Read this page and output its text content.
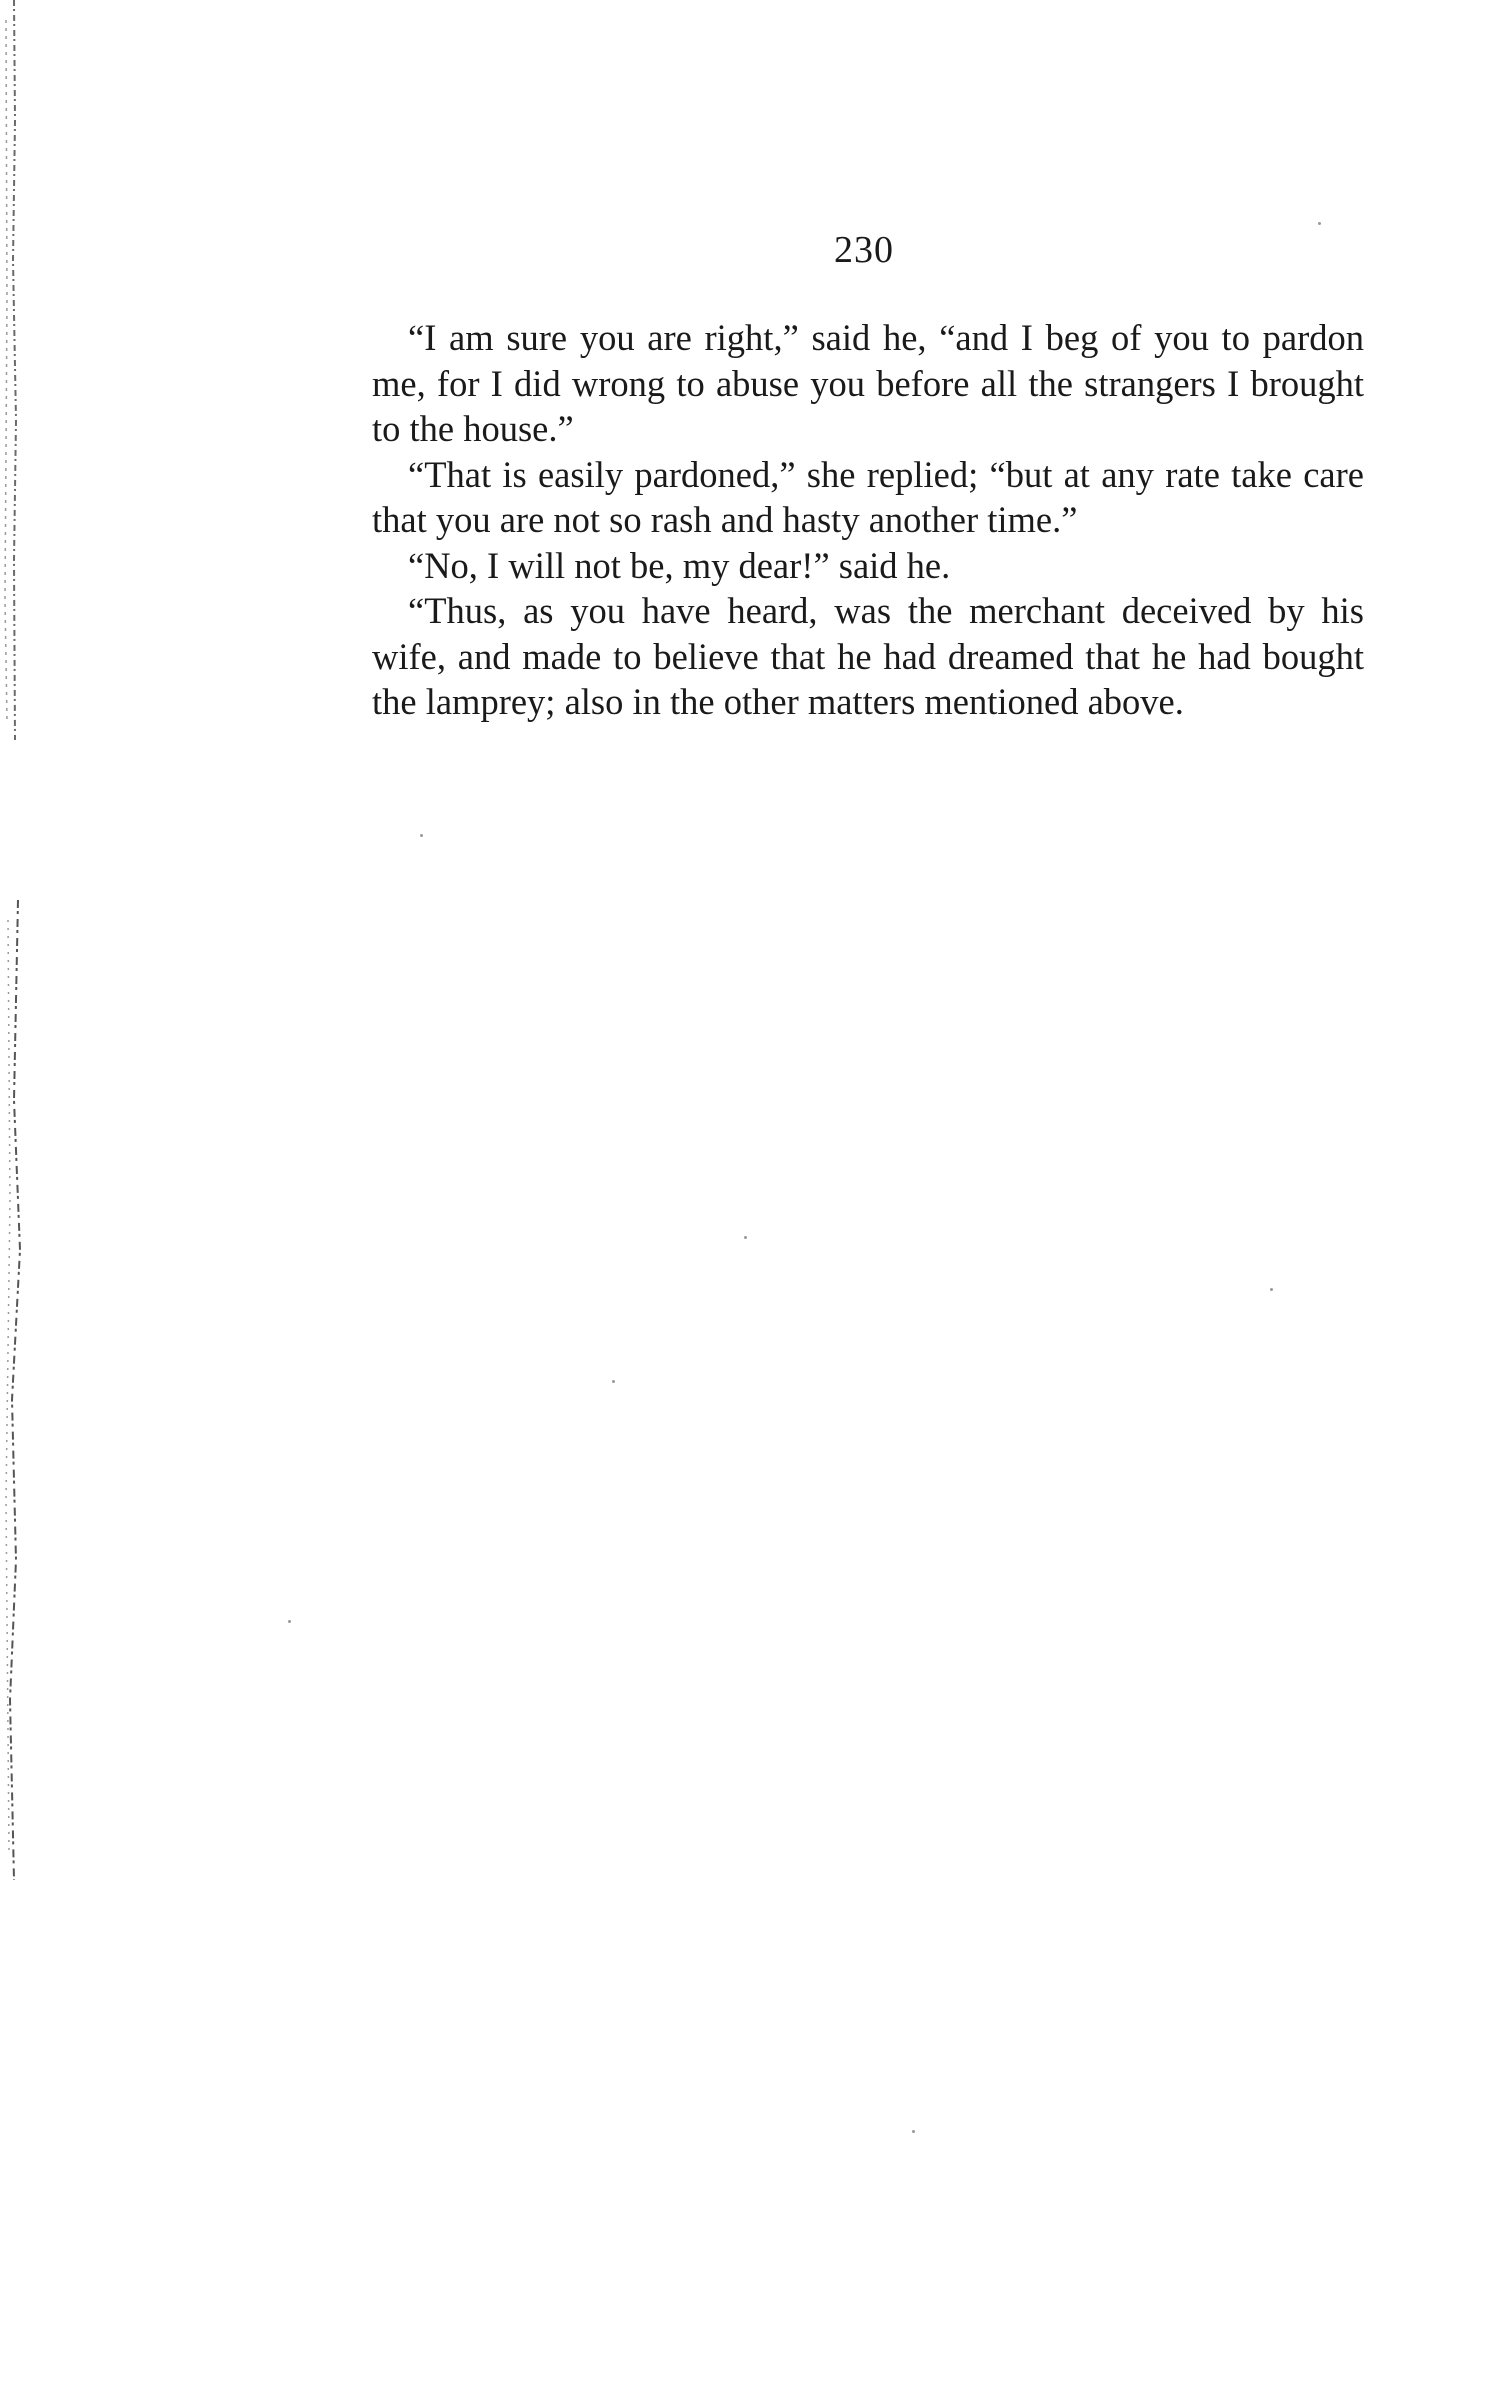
230

“I am sure you are right,” said he, “and I beg of you to pardon me, for I did wrong to abuse you before all the strangers I brought to the house.”

“That is easily pardoned,” she replied; “but at any rate take care that you are not so rash and hasty another time.”

“No, I will not be, my dear!” said he.

“Thus, as you have heard, was the merchant deceived by his wife, and made to believe that he had dreamed that he had bought the lamprey; also in the other matters mentioned above.
